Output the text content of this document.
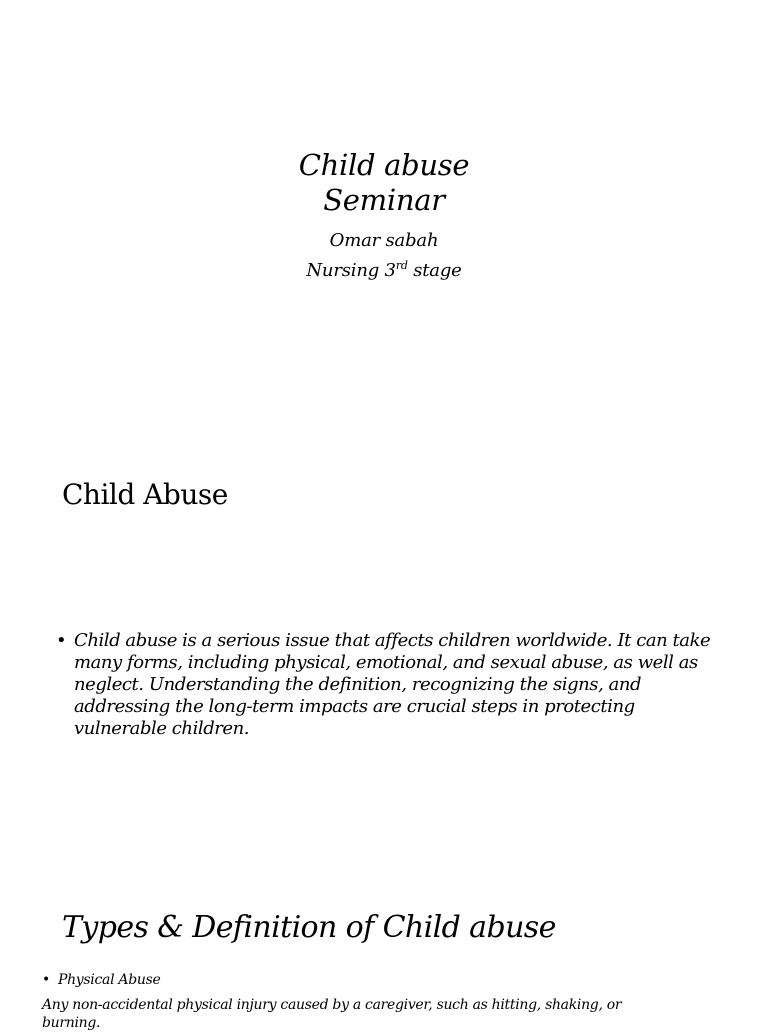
Child abuse
Seminar
Omar sabah
Nursing 3rd stage
Child Abuse
• Child abuse is a serious issue that affects children worldwide. It can take many forms, including physical, emotional, and sexual abuse, as well as neglect. Understanding the definition, recognizing the signs, and addressing the long-term impacts are crucial steps in protecting vulnerable children.
Types & Definition of Child abuse
• Physical Abuse
Any non-accidental physical injury caused by a caregiver, such as hitting, shaking, or burning.
